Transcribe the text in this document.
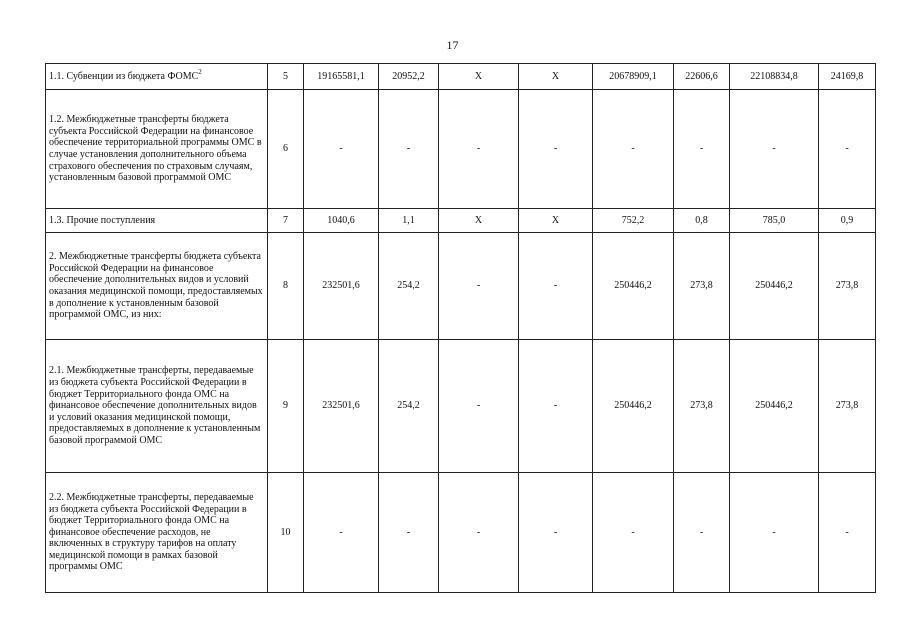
17
1.1. Субвенции из бюджета ФОМС$^2$	5	19165581,1	20952,2	Х	Х	20678909,1	22606,6	22108834,8	24169,8
1.2. Межбюджетные трансферты бюджета субъекта Российской Федерации на финансовое обеспечение территориальной программы ОМС в случае установления дополнительного объема страхового обеспечения по страховым случаям, установленным базовой программой ОМС	6	-	-	-	-	-	-	-	-
1.3. Прочие поступления	7	1040,6	1,1	Х	Х	752,2	0,8	785,0	0,9
2. Межбюджетные трансферты бюджета субъекта Российской Федерации на финансовое обеспечение дополнительных видов и условий оказания медицинской помощи, предоставляемых в дополнение к установленным базовой программой ОМС, из них:	8	232501,6	254,2	-	-	250446,2	273,8	250446,2	273,8
2.1. Межбюджетные трансферты, передаваемые из бюджета субъекта Российской Федерации в бюджет Территориального фонда ОМС на финансовое обеспечение дополнительных видов и условий оказания медицинской помощи, предоставляемых в дополнение к установленным базовой программой ОМС	9	232501,6	254,2	-	-	250446,2	273,8	250446,2	273,8
2.2. Межбюджетные трансферты, передаваемые из бюджета субъекта Российской Федерации в бюджет Территориального фонда ОМС на финансовое обеспечение расходов, не включенных в структуру тарифов на оплату медицинской помощи в рамках базовой программы ОМС	10	-	-	-	-	-	-	-	-
